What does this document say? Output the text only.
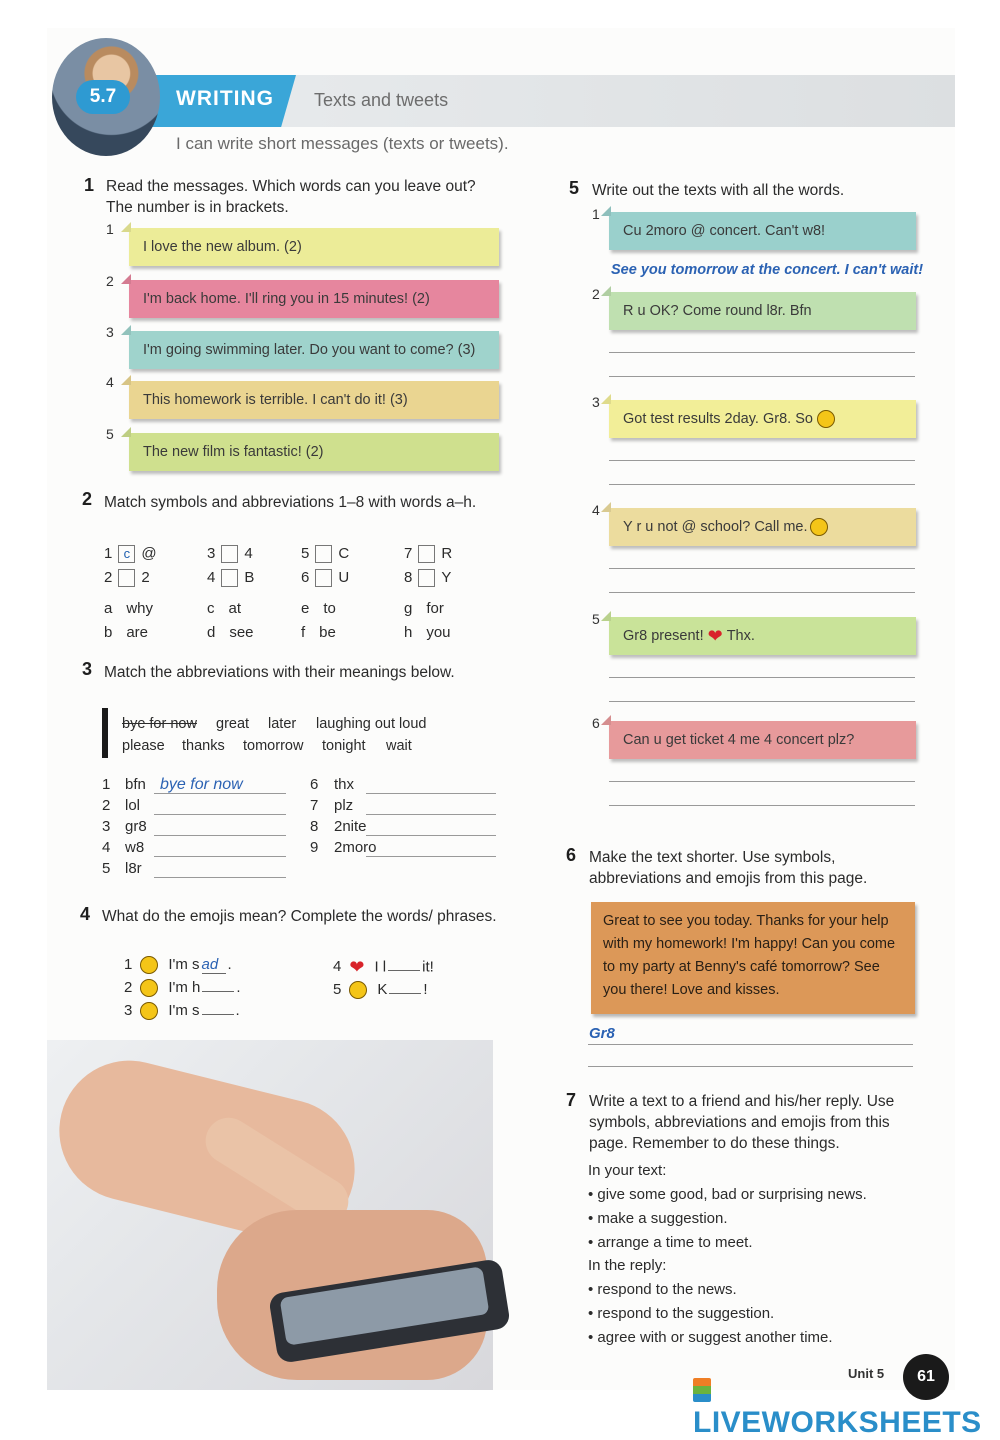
5.7	WRITING Texts and tweets
I can write short messages (texts or tweets).
1 Read the messages. Which words can you leave out? The number is in brackets.
1
I love the new album. (2)
2
I'm back home. I'll ring you in 15 minutes! (2)
3
I'm going swimming later. Do you want to come? (3)
4
This homework is terrible. I can't do it! (3)
5
The new film is fantastic! (2)
2 Match symbols and abbreviations 1–8 with words a–h.
1 c @	3 4	5 C	7 R
2 2	4 B	6 U	8 Y
a why	c at	e to	g for
b are	d see	f be	h you
3 Match the abbreviations with their meanings below.
bye for now great later laughing out loud
please thanks tomorrow tonight wait
1 bfn bye for now
2 lol
3 gr8
4 w8
5 l8r
6 thx
7 plz
8 2nite
9 2moro
4 What do the emojis mean? Complete the words/ phrases.
1 I'm s ad .
2 I'm h .
3 I'm s .
4 ❤ I l it!
5 K !
5 Write out the texts with all the words.
1
Cu 2moro @ concert. Can't w8!
See you tomorrow at the concert. I can't wait!
2
R u OK? Come round l8r. Bfn
3
Got test results 2day. Gr8. So
4
Y r u not @ school? Call me.
5
Gr8 present! ❤ Thx.
6
Can u get ticket 4 me 4 concert plz?
6 Make the text shorter. Use symbols, abbreviations and emojis from this page.
Great to see you today. Thanks for your help with my homework! I'm happy! Can you come to my party at Benny's café tomorrow? See you there! Love and kisses.
Gr8
7 Write a text to a friend and his/her reply. Use symbols, abbreviations and emojis from this page. Remember to do these things.
In your text:
• give some good, bad or surprising news.
• make a suggestion.
• arrange a time to meet.
In the reply:
• respond to the news.
• respond to the suggestion.
• agree with or suggest another time.
Unit 5	61
LIVEWORKSHEETS
